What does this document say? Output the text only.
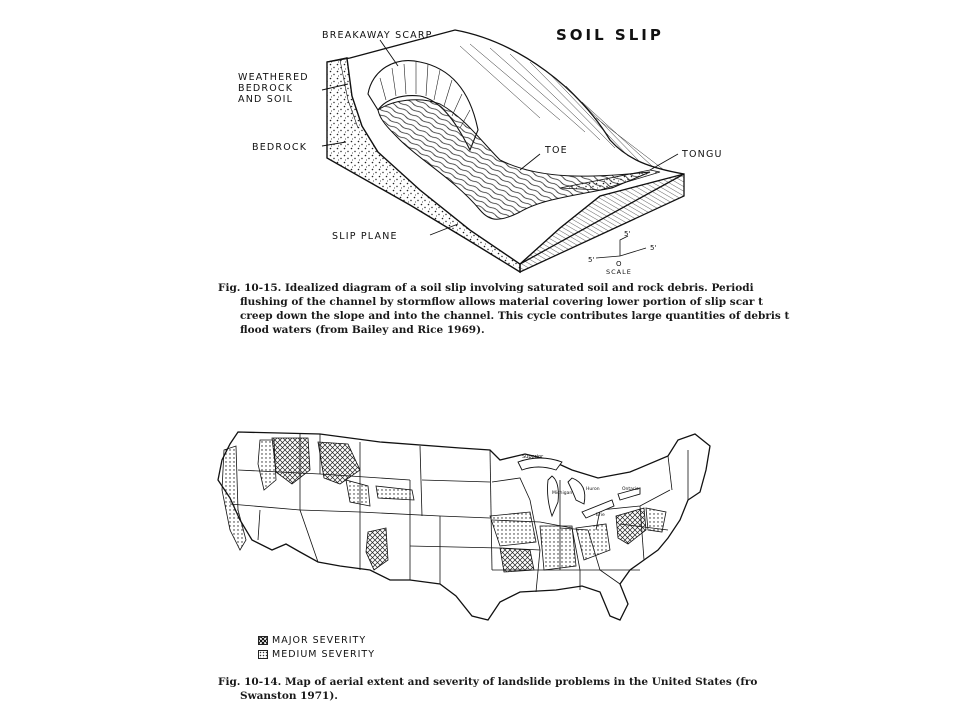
SOIL SLIP
BREAKAWAY SCARP
WEATHERED
BEDROCK
AND SOIL
BEDROCK	TOE	TONGU
SLIP PLANE	5'
5'
5'
O
SCALE
Fig. 10-15. Idealized diagram of a soil slip involving saturated soil and rock debris. Periodi
flushing of the channel by stormflow allows material covering lower portion of slip scar t
creep down the slope and into the channel. This cycle contributes large quantities of debris t
flood waters (from Bailey and Rice 1969).
Superior
Michigan
Huron
Erie
Ontario
MAJOR SEVERITY
MEDIUM SEVERITY
Fig. 10-14. Map of aerial extent and severity of landslide problems in the United States (fro
Swanston 1971).
